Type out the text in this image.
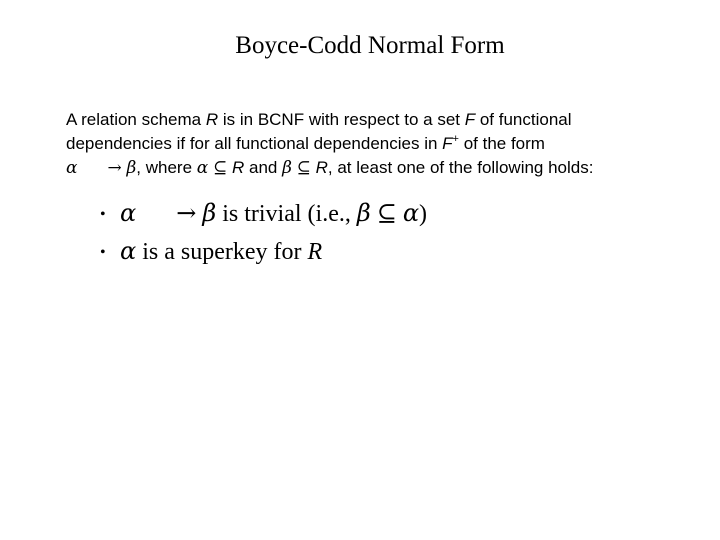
Boyce-Codd Normal Form
A relation schema R is in BCNF with respect to a set F of functional
dependencies if for all functional dependencies in F+ of the form
α → β, where α ⊆ R and β ⊆ R, at least one of the following holds:
• α → β is trivial (i.e., β ⊆ α)
• α is a superkey for R
